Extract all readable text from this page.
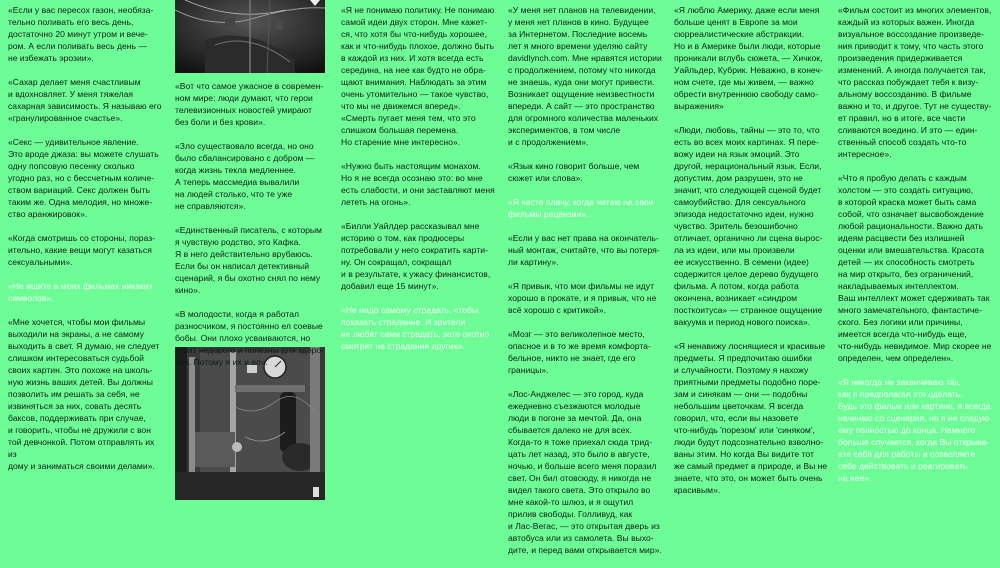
«Если у вас пересох газон, необяза-
тельно поливать его весь день,
достаточно 20 минут утром и вече-
ром. А если поливать весь день —
не избежать эрозии».

«Сахар делает меня счастливым
и вдохновляет. У меня тяжелая
сахарная зависимость. Я называю его
«гранулированное счастье».

«Секс — удивительное явление.
Это вроде джаза: вы можете слушать
одну попсовую песенку сколько
угодно раз, но с бессчетным количе-
ством вариаций. Секс должен быть
таким же. Одна мелодия, но множе-
ство аранжировок».

«Когда смотришь со стороны, пораз-
ительно, какие вещи могут казаться
сексуальными».

«Не ищите в моих фильмах никаких
символов».

«Мне хочется, чтобы мои фильмы
выходили на экраны, а не самому
выходить в свет. Я думаю, не следует
слишком интересоваться судьбой
своих картин. Это похоже на школь-
ную жизнь ваших детей. Вы должны
позволить им решать за себя, не
извиняться за них, совать десять
баксов, поддерживать при случае,
и говорить, чтобы не дружили с вон
той девчонкой. Потом отправлять их из
дому и заниматься своими делами».

«Вот что самое ужасное в современ-
ном мире: люди думают, что герои
телевизионных новостей умирают
без боли и без крови».

«Зло существовало всегда, но оно
было сбалансировано с добром —
когда жизнь текла медленнее.
А теперь массмедиа вывалили
на людей столько, что те уже
не справляются».

«Единственный писатель, с которым
я чувствую родство, это Кафка.
Я в него действительно врубаюсь.
Если бы он написал детективный
сценарий, я бы охотно снял по нему
кино».

«В молодости, когда я работал
разносчиком, я постоянно ел соевые
бобы. Они плохо усваиваются, но
стоят недорого и полезны для здоро-
вья. Потому я их и ел».

«Я не понимаю политику. Не понимаю
самой идеи двух сторон. Мне кажет-
ся, что хотя бы что-нибудь хорошее,
как и что-нибудь плохое, должно быть
в каждой из них. И хотя всегда есть
середина, на нее как будто не обра-
щают внимания. Наблюдать за этим
очень утомительно — такое чувство,
что мы не движемся вперед».

«Смерть пугает меня тем, что это
слишком большая перемена.
Но старение мне интересно».

«Нужно быть настоящим монахом.
Но я не всегда осознаю это: во мне
есть слабости, и они заставляют меня
лететь на огонь».

«Билли Уайлдер рассказывал мне
историю о том, как продюсеры
потребовали у него сократить карти-
ну. Он сокращал, сокращал
и в результате, к ужасу финансистов,
добавил еще 15 минут».

«Не надо самому страдать, чтобы
показать страдание. И зрители
не любят сами страдать, зато охотно
смотрят на страдания других».

«У меня нет планов на телевидении,
у меня нет планов в кино. Будущее
за Интернетом. Последние восемь
лет я много времени уделяю сайту
davidlynch.com. Мне нравятся истории
с продолжением, потому что никогда
не знаешь, куда они могут привести.
Возникает ощущение неизвестности
впереди. А сайт — это пространство
для огромного количества маленьких
экспериментов, в том числе
и с продолжением».

«Язык кино говорит больше, чем
сюжет или слова».

«Я часто плачу, когда читаю на свои
фильмы рецензии».

«Если у вас нет права на окончатель-
ный монтаж, считайте, что вы потеря-
ли картину».

«Я привык, что мои фильмы не идут
хорошо в прокате, и я привык, что не
всё хорошо с критикой».

«Мозг — это великолепное место,
опасное и в то же время комфорта-
бельное, никто не знает, где его
границы».

«Лос-Анджелес — это город, куда
ежедневно съезжаются молодые
люди в погоне за мечтой. Да, она
сбывается далеко не для всех.
Когда-то я тоже приехал сюда трид-
цать лет назад, это было в августе,
ночью, и больше всего меня поразил
свет. Он бил отовсюду, я никогда не
видел такого света. Это открыло во
мне какой-то шлюз, и я ощутил
прилив свободы. Голливуд, как
и Лас-Вегас, — это открытая дверь из
автобуса или из самолета. Вы выхо-
дите, и перед вами открывается мир».

«Я люблю Америку, даже если меня
больше ценят в Европе за мои
сюрреалистические абстракции.
Но и в Америке были люди, которые
проникали вглубь сюжета, — Хичкок,
Уайльдер, Кубрик. Неважно, в конеч-
ном счете, где мы живем, — важно
обрести внутреннюю свободу само-
выражения»

«Люди, любовь, тайны — это то, что
есть во всех моих картинах. Я пере-
вожу идеи на язык эмоций. Это
другой, нерациональный язык. Если,
допустим, дом разрушен, это не
значит, что следующей сценой будет
самоубийство. Для сексуального
эпизода недостаточно идеи, нужно
чувство. Зритель безошибочно
отличает, органично ли сцена вырос-
ла из идеи, или мы произвели
ее искусственно. В семени (идее)
содержится целое дерево будущего
фильма. А потом, когда работа
окончена, возникает «синдром
посткоитуса» — странное ощущение
вакуума и период нового поиска».

«Я ненавижу лоснящиеся и красивые
предметы. Я предпочитаю ошибки
и случайности. Поэтому я нахожу
приятными предметы подобно поре-
зам и синякам — они — подобны
небольшим цветочкам. Я всегда
говорил, что, если вы назовете
что-нибудь 'порезом' или 'синяком',
люди будут подсознательно взволно-
ваны этим. Но когда Вы видите тот
же самый предмет в природе, и Вы не
знаете, что это, он может быть очень
красивым».

«Фильм состоит из многих элементов,
каждый из которых важен. Иногда
визуальное воссоздание произведе-
ния приводит к тому, что часть этого
произведения придерживается
изменений. А иногда получается так,
что рассказ побуждает тебя к визу-
альному воссозданию. В фильме
важно и то, и другое. Тут не существу-
ет правил, но в итоге, все части
сливаются воедино. И это — един-
ственный способ создать что-то
интересное».

«Что я пробую делать с каждым
холстом — это создать ситуацию,
в которой краска может быть сама
собой, что означает высвобождение
любой рациональности. Важно дать
идеям расцвести без излишней
оценки или вмешательства. Красота
детей — их способность смотреть
на мир открыто, без ограничений,
накладываемых интеллектом.
Ваш интеллект может сдерживать так
много замечательного, фантастиче-
ского. Без логики или причины,
имеется всегда что-нибудь еще,
что-нибудь невидимое. Мир скорее не
определен, чем определен».

«Я никогда не заканчиваю так,
как я предполагал это сделать.
Будь это фильм или картина, я всегда
начинаю со сценария, но я не следую
ему полностью до конца. Намного
больше случается, когда Вы открыва-
ете себя для работы и позволяете
себе действовать и реагировать
на нее».
